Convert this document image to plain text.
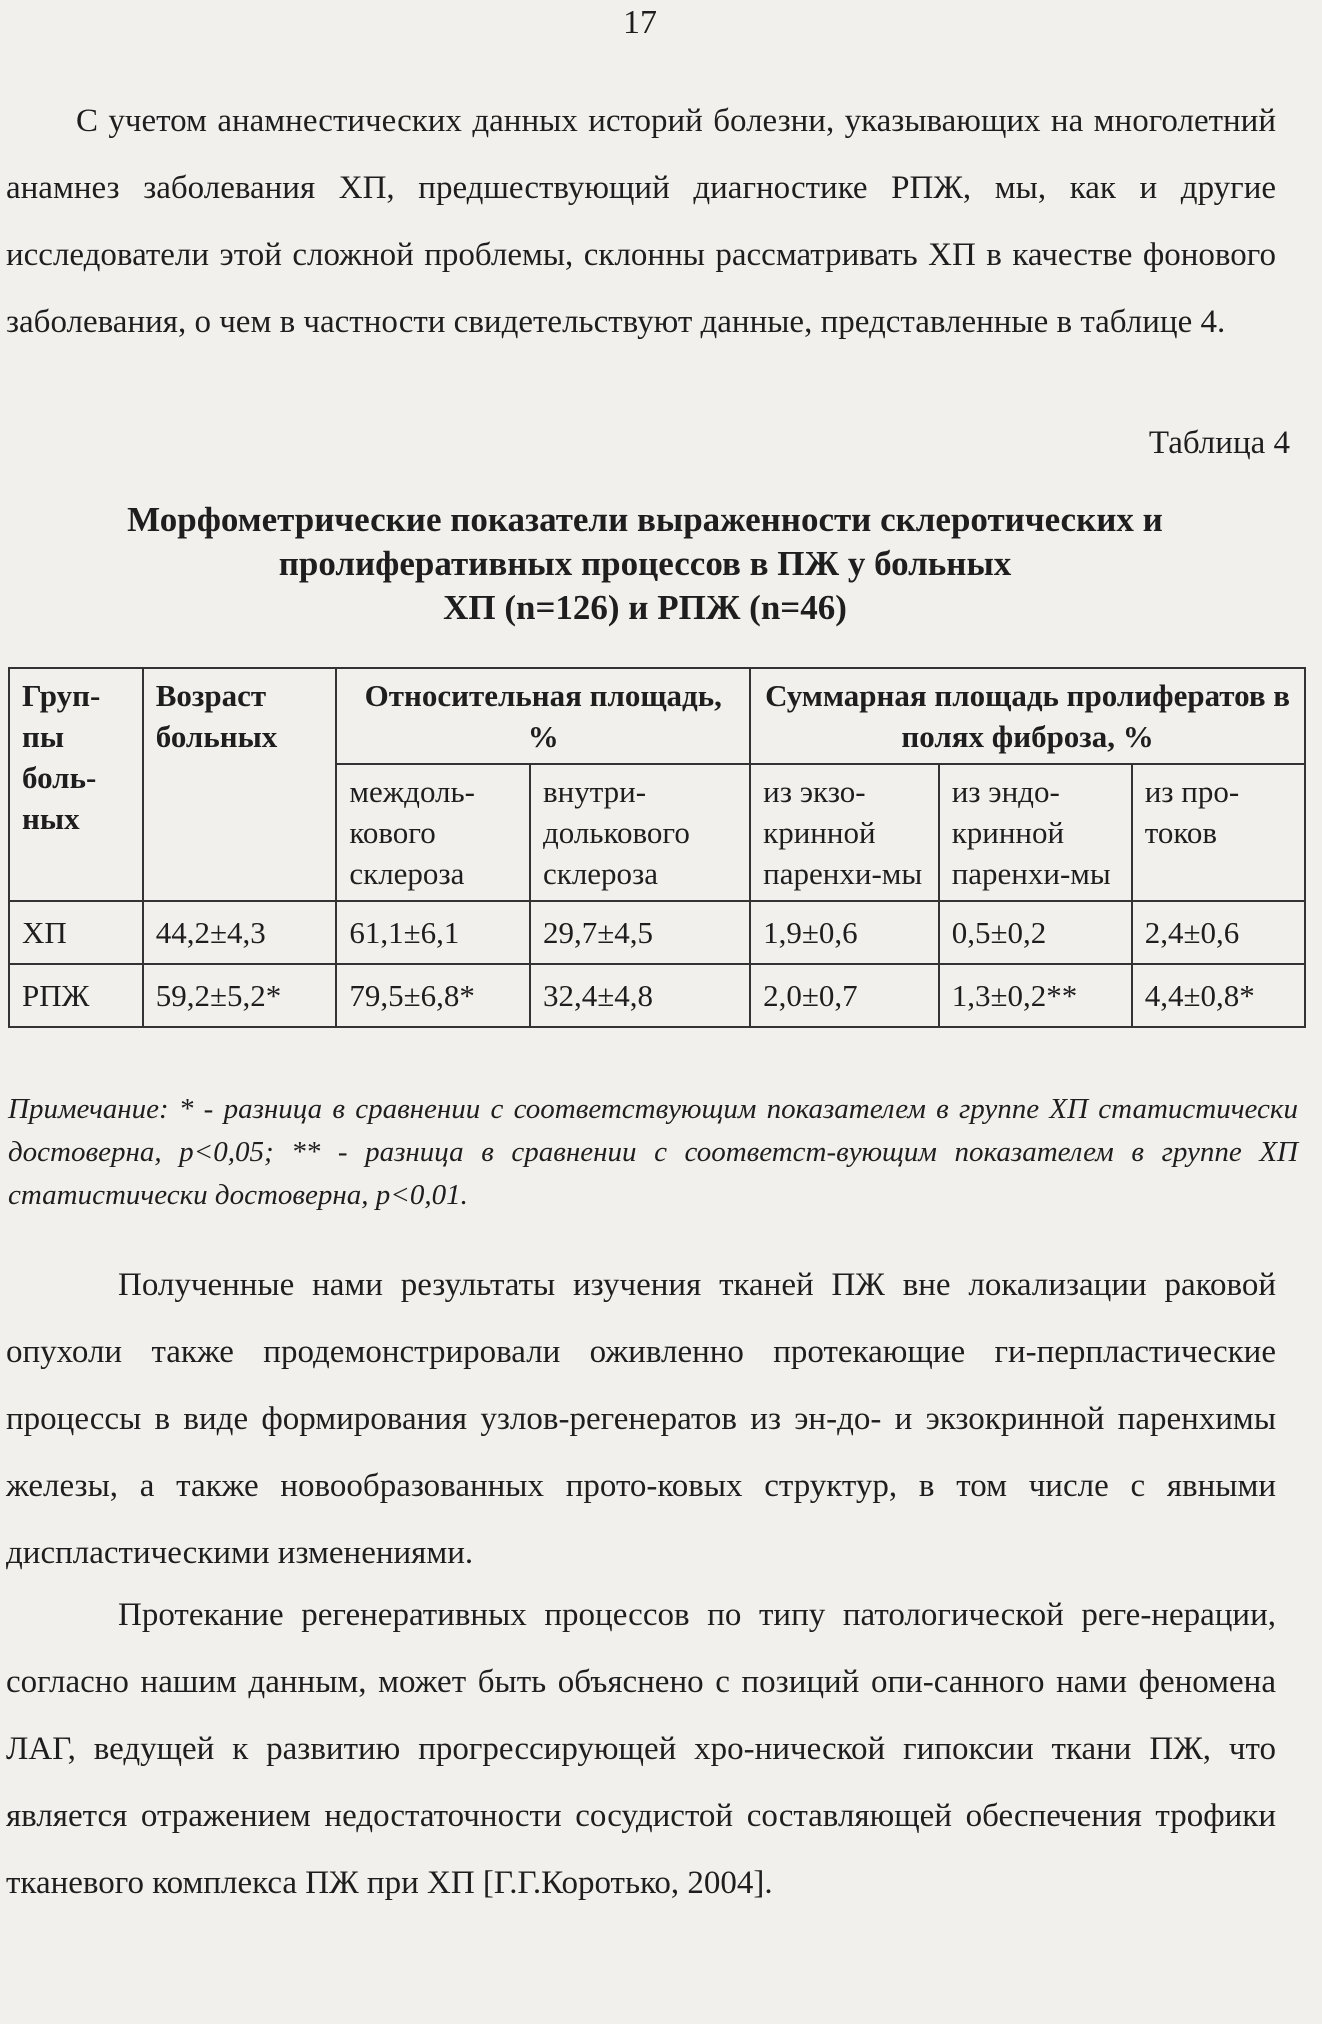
17

С учетом анамнестических данных историй болезни, указывающих на многолетний анамнез заболевания ХП, предшествующий диагностике РПЖ, мы, как и другие исследователи этой сложной проблемы, склонны рассматривать ХП в качестве фонового заболевания, о чем в частности свидетельствуют данные, представленные в таблице 4.

Таблица 4
Морфометрические показатели выраженности склеротических и
пролиферативных процессов в ПЖ у больных
ХП (n=126) и РПЖ (n=46)
Груп-пы боль-ных	Возраст больных	Относительная площадь, %		Суммарная площадь пролифератов в полях фиброза, %		
		междоль-кового склероза	внутри-долькового склероза	из экзо-кринной паренхи-мы	из эндо-кринной паренхи-мы	из про-токов
ХП	44,2±4,3	61,1±6,1	29,7±4,5	1,9±0,6	0,5±0,2	2,4±0,6
РПЖ	59,2±5,2*	79,5±6,8*	32,4±4,8	2,0±0,7	1,3±0,2**	4,4±0,8*
Примечание: * - разница в сравнении с соответствующим показателем в группе ХП статистически достоверна, p<0,05; ** - разница в сравнении с соответст-вующим показателем в группе ХП статистически достоверна, p<0,01.

Полученные нами результаты изучения тканей ПЖ вне локализации раковой опухоли также продемонстрировали оживленно протекающие ги-перпластические процессы в виде формирования узлов-регенератов из эн-до- и экзокринной паренхимы железы, а также новообразованных прото-ковых структур, в том числе с явными диспластическими изменениями.

Протекание регенеративных процессов по типу патологической реге-нерации, согласно нашим данным, может быть объяснено с позиций опи-санного нами феномена ЛАГ, ведущей к развитию прогрессирующей хро-нической гипоксии ткани ПЖ, что является отражением недостаточности сосудистой составляющей обеспечения трофики тканевого комплекса ПЖ при ХП [Г.Г.Коротько, 2004].
